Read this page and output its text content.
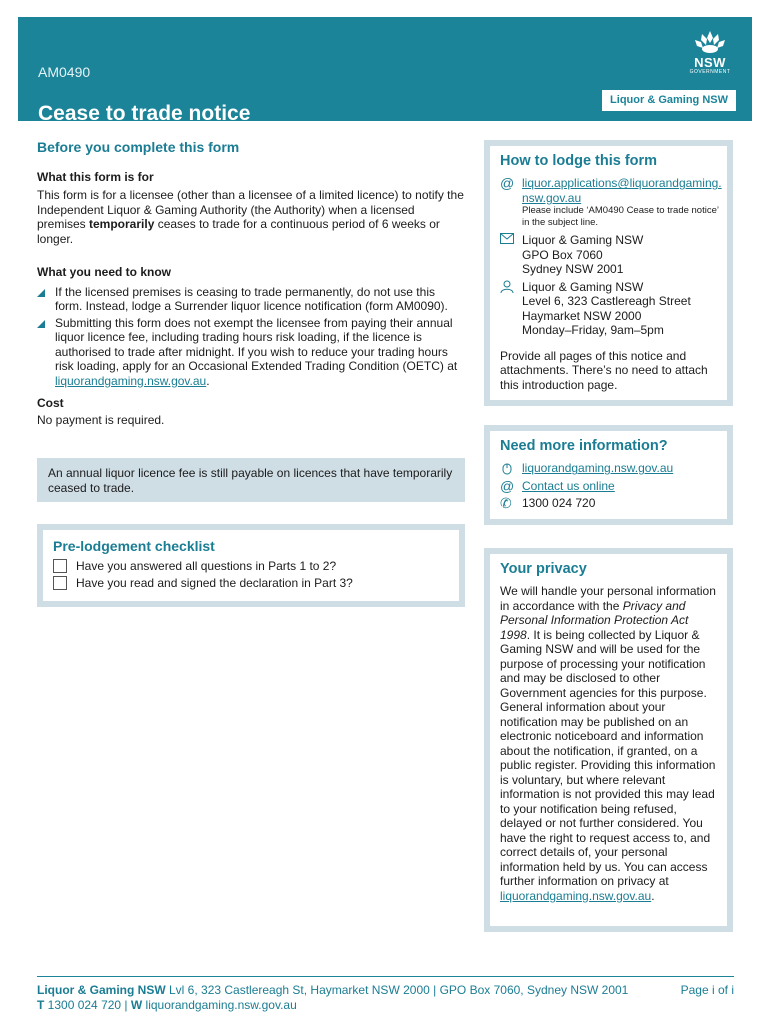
AM0490
Cease to trade notice
NSW
GOVERNMENT
Liquor & Gaming NSW
Before you complete this form
What this form is for
This form is for a licensee (other than a licensee of a limited licence) to notify the Independent Liquor & Gaming Authority (the Authority) when a licensed premises temporarily ceases to trade for a continuous period of 6 weeks or longer.
What you need to know
If the licensed premises is ceasing to trade permanently, do not use this form. Instead, lodge a Surrender liquor licence notification (form AM0090).
Submitting this form does not exempt the licensee from paying their annual liquor licence fee, including trading hours risk loading, if the licence is authorised to trade after midnight. If you wish to reduce your trading hours risk loading, apply for an Occasional Extended Trading Condition (OETC) at liquorandgaming.nsw.gov.au.
Cost
No payment is required.
An annual liquor licence fee is still payable on licences that have temporarily ceased to trade.
Pre-lodgement checklist
Have you answered all questions in Parts 1 to 2?
Have you read and signed the declaration in Part 3?
How to lodge this form
@ liquor.applications@liquorandgaming.
nsw.gov.au
Please include ‘AM0490 Cease to trade notice’ in the subject line.
Liquor & Gaming NSW
GPO Box 7060
Sydney NSW 2001
Liquor & Gaming NSW
Level 6, 323 Castlereagh Street
Haymarket NSW 2000
Monday–Friday, 9am–5pm
Provide all pages of this notice and attachments. There’s no need to attach this introduction page.
Need more information?
liquorandgaming.nsw.gov.au
@ Contact us online
✆ 1300 024 720
Your privacy
We will handle your personal information in accordance with the Privacy and Personal Information Protection Act 1998. It is being collected by Liquor & Gaming NSW and will be used for the purpose of processing your notification and may be disclosed to other Government agencies for this purpose. General information about your notification may be published on an electronic noticeboard and information about the notification, if granted, on a public register. Providing this information is voluntary, but where relevant information is not provided this may lead to your notification being refused, delayed or not further considered. You have the right to request access to, and correct details of, your personal information held by us. You can access further information on privacy at liquorandgaming.nsw.gov.au.
Liquor & Gaming NSW Lvl 6, 323 Castlereagh St, Haymarket NSW 2000 | GPO Box 7060, Sydney NSW 2001
T 1300 024 720 | W liquorandgaming.nsw.gov.au
Page i of i
